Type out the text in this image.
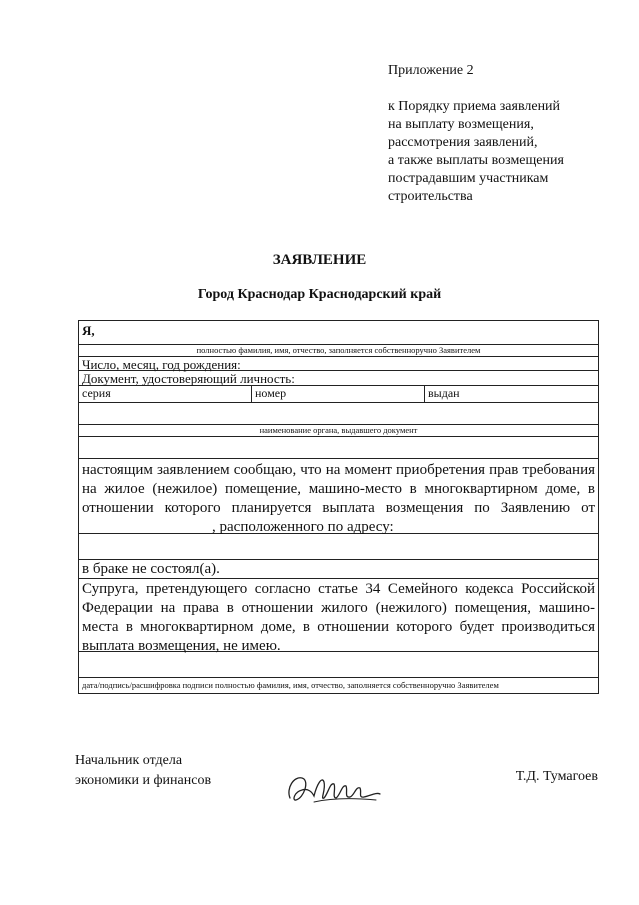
Приложение 2
к Порядку приема заявлений
на выплату возмещения,
рассмотрения заявлений,
а также выплаты возмещения
пострадавшим участникам
строительства
ЗАЯВЛЕНИЕ
Город Краснодар Краснодарский край
Я,
полностью фамилия, имя, отчество, заполняется собственноручно Заявителем
Число, месяц, год рождения:
Документ, удостоверяющий личность:
серия	номер	выдан
наименование органа, выдавшего документ
настоящим заявлением сообщаю, что на момент приобретения прав требования на жилое (нежилое) помещение, машино-место в многоквартирном доме, в отношении которого планируется выплата возмещения по Заявлению от, расположенного по адресу:
в браке не состоял(а).
Супруга, претендующего согласно статье 34 Семейного кодекса Российской Федерации на права в отношении жилого (нежилого) помещения, машино-места в многоквартирном доме, в отношении которого будет производиться выплата возмещения, не имею.
дата/подпись/расшифровка подписи полностью фамилия, имя, отчество, заполняется собственноручно Заявителем
Начальник отдела
экономики и финансов	Т.Д. Тумагоев
